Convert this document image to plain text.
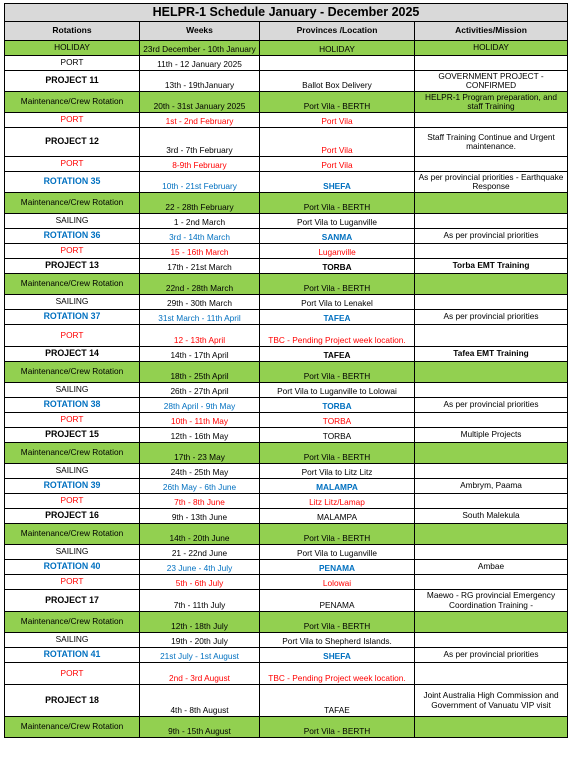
HELPR-1 Schedule January - December 2025
Rotations	Weeks	Provinces /Location	Activities/Mission
HOLIDAY	23rd December - 10th January	HOLIDAY	HOLIDAY
PORT	11th - 12 January 2025		
PROJECT 11	13th - 19thJanuary	Ballot Box Delivery	GOVERNMENT PROJECT - CONFIRMED
Maintenance/Crew Rotation	20th - 31st January 2025	Port Vila - BERTH	HELPR-1 Program preparation, and staff Training
PORT	1st - 2nd February	Port Vila	
PROJECT 12	3rd - 7th February	Port Vila	Staff Training Continue and Urgent maintenance.
PORT	8-9th February	Port Vila	
ROTATION 35	10th - 21st February	SHEFA	As per provincial priorities - Earthquake Response
Maintenance/Crew Rotation	22 - 28th February	Port Vila - BERTH	
SAILING	1 - 2nd March	Port Vila to Luganville	
ROTATION 36	3rd - 14th March	SANMA	As per provincial priorities
PORT	15 - 16th March	Luganville	
PROJECT 13	17th - 21st March	TORBA	Torba EMT Training
Maintenance/Crew Rotation	22nd - 28th March	Port Vila - BERTH	
SAILING	29th - 30th March	Port Vila to Lenakel	
ROTATION 37	31st March - 11th April	TAFEA	As per provincial priorities
PORT	12 - 13th April	TBC - Pending Project week location.	
PROJECT 14	14th - 17th April	TAFEA	Tafea EMT Training
Maintenance/Crew Rotation	18th - 25th April	Port Vila - BERTH	
SAILING	26th - 27th April	Port Vila to Luganville to Lolowai	
ROTATION 38	28th April - 9th May	TORBA	As per provincial priorities
PORT	10th - 11th May	TORBA	
PROJECT 15	12th - 16th May	TORBA	Multiple Projects
Maintenance/Crew Rotation	17th - 23 May	Port Vila - BERTH	
SAILING	24th - 25th May	Port Vila to Litz Litz	
ROTATION 39	26th May - 6th June	MALAMPA	Ambrym, Paama
PORT	7th - 8th June	Litz Litz/Lamap	
PROJECT 16	9th - 13th June	MALAMPA	South Malekula
Maintenance/Crew Rotation	14th - 20th June	Port Vila - BERTH	
SAILING	21 - 22nd June	Port Vila to Luganville	
ROTATION 40	23 June - 4th July	PENAMA	Ambae
PORT	5th - 6th July	Lolowai	
PROJECT 17	7th - 11th July	PENAMA	Maewo - RG provincial Emergency Coordination Training -
Maintenance/Crew Rotation	12th - 18th July	Port Vila - BERTH	
SAILING	19th - 20th July	Port Vila to Shepherd Islands.	
ROTATION 41	21st July - 1st August	SHEFA	As per provincial priorities
PORT	2nd - 3rd August	TBC - Pending Project week location.	
PROJECT 18	4th - 8th August	TAFAE	Joint Australia High Commission and Government of Vanuatu VIP visit
Maintenance/Crew Rotation	9th - 15th August	Port Vila - BERTH	
